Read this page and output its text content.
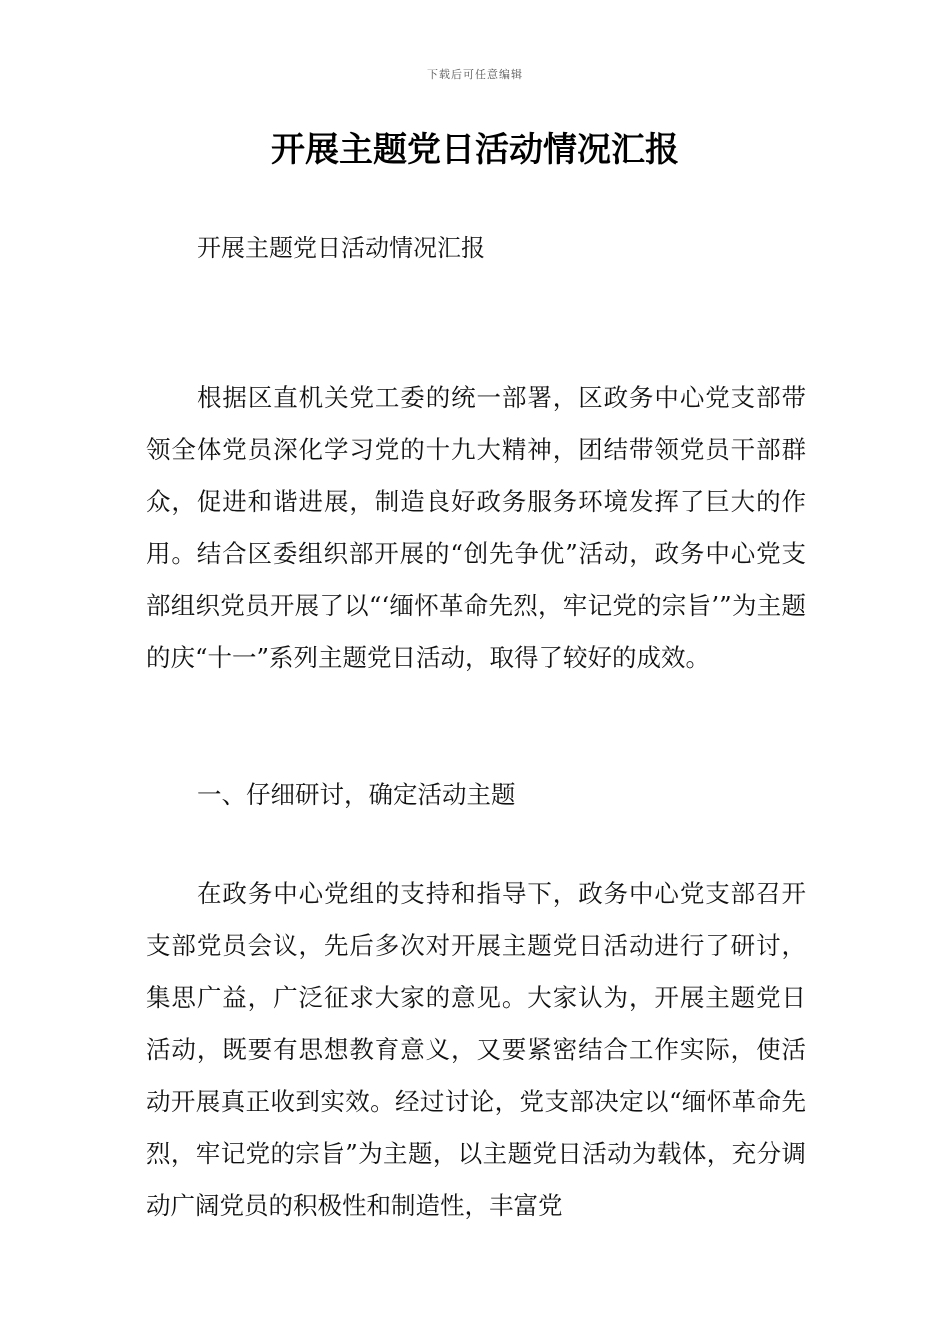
下载后可任意编辑
开展主题党日活动情况汇报

开展主题党日活动情况汇报

根据区直机关党工委的统一部署，区政务中心党支部带领全体党员深化学习党的十九大精神，团结带领党员干部群众，促进和谐进展，制造良好政务服务环境发挥了巨大的作用。结合区委组织部开展的“创先争优”活动，政务中心党支部组织党员开展了以“‘缅怀革命先烈，牢记党的宗旨’”为主题的庆“十一”系列主题党日活动，取得了较好的成效。

一、仔细研讨，确定活动主题

在政务中心党组的支持和指导下，政务中心党支部召开支部党员会议，先后多次对开展主题党日活动进行了研讨，集思广益，广泛征求大家的意见。大家认为，开展主题党日活动，既要有思想教育意义，又要紧密结合工作实际，使活动开展真正收到实效。经过讨论，党支部决定以“缅怀革命先烈，牢记党的宗旨”为主题，以主题党日活动为载体，充分调动广阔党员的积极性和制造性，丰富党
